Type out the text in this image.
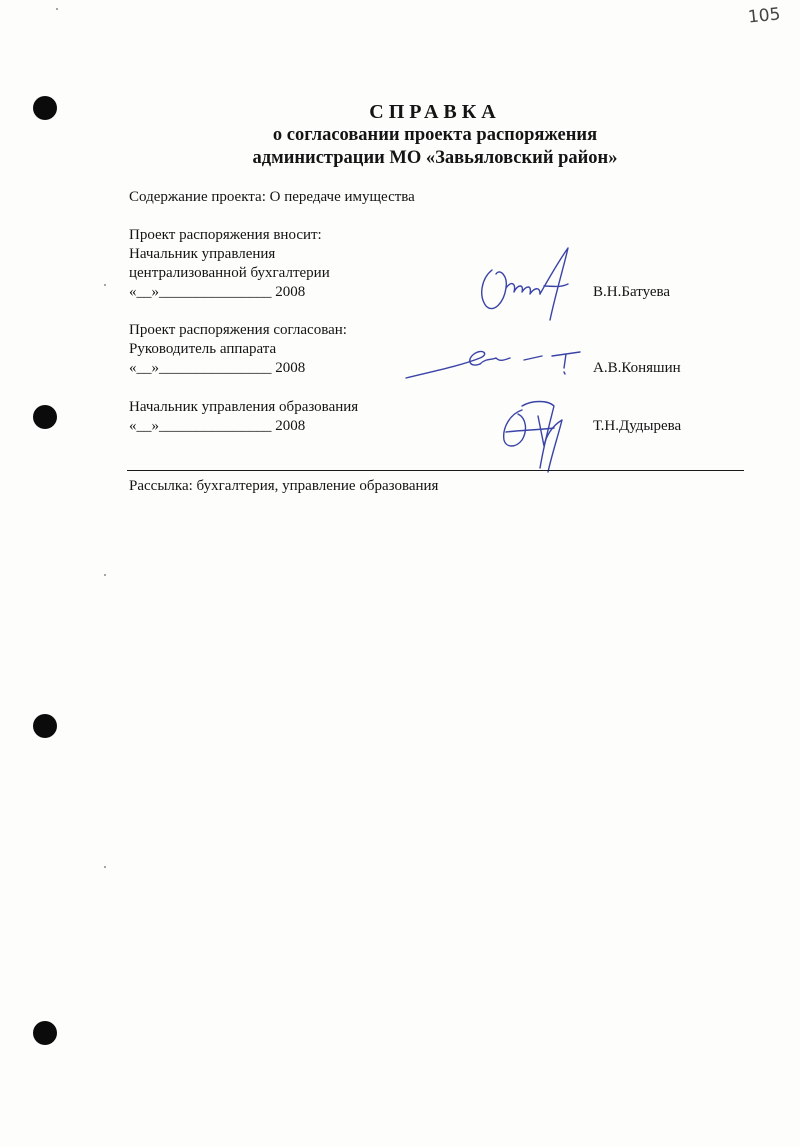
105
СПРАВКА
о согласовании проекта распоряжения
администрации МО «Завьяловский район»
Содержание проекта: О передаче имущества
Проект распоряжения вносит:
Начальник управления
централизованной бухгалтерии
«__»_______________ 2008	В.Н.Батуева
Проект распоряжения согласован:
Руководитель аппарата
«__»_______________ 2008	А.В.Коняшин
Начальник управления образования
«__»_______________ 2008	Т.Н.Дудырева
Рассылка: бухгалтерия, управление образования
